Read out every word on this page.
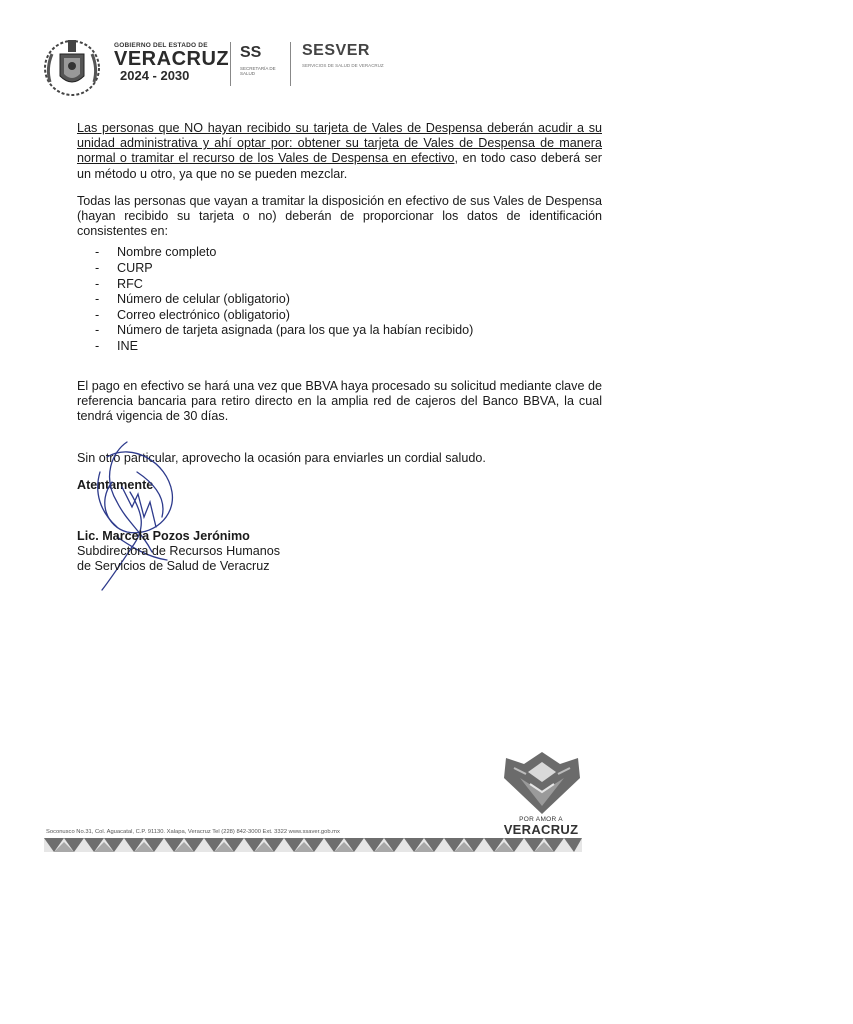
GOBIERNO DEL ESTADO DE
VERACRUZ
2024 - 2030
SS
SECRETARÍA DE SALUD
SESVER
SERVICIOS DE SALUD DE VERACRUZ

Las personas que NO hayan recibido su tarjeta de Vales de Despensa deberán acudir a su unidad administrativa y ahí optar por: obtener su tarjeta de Vales de Despensa de manera normal o tramitar el recurso de los Vales de Despensa en efectivo, en todo caso deberá ser un método u otro, ya que no se pueden mezclar.

Todas las personas que vayan a tramitar la disposición en efectivo de sus Vales de Despensa (hayan recibido su tarjeta o no) deberán de proporcionar los datos de identificación consistentes en:

- Nombre completo
- CURP
- RFC
- Número de celular (obligatorio)
- Correo electrónico (obligatorio)
- Número de tarjeta asignada (para los que ya la habían recibido)
- INE

El pago en efectivo se hará una vez que BBVA haya procesado su solicitud mediante clave de referencia bancaria para retiro directo en la amplia red de cajeros del Banco BBVA, la cual tendrá vigencia de 30 días.

Sin otro particular, aprovecho la ocasión para enviarles un cordial saludo.
Atentamente
Lic. Marcela Pozos Jerónimo
Subdirectora de Recursos Humanos
de Servicios de Salud de Veracruz
POR AMOR A
VERACRUZ
Soconusco No.31, Col. Aguacatal, C.P. 91130. Xalapa, Veracruz Tel (228) 842-3000 Ext. 3322 www.ssaver.gob.mx
